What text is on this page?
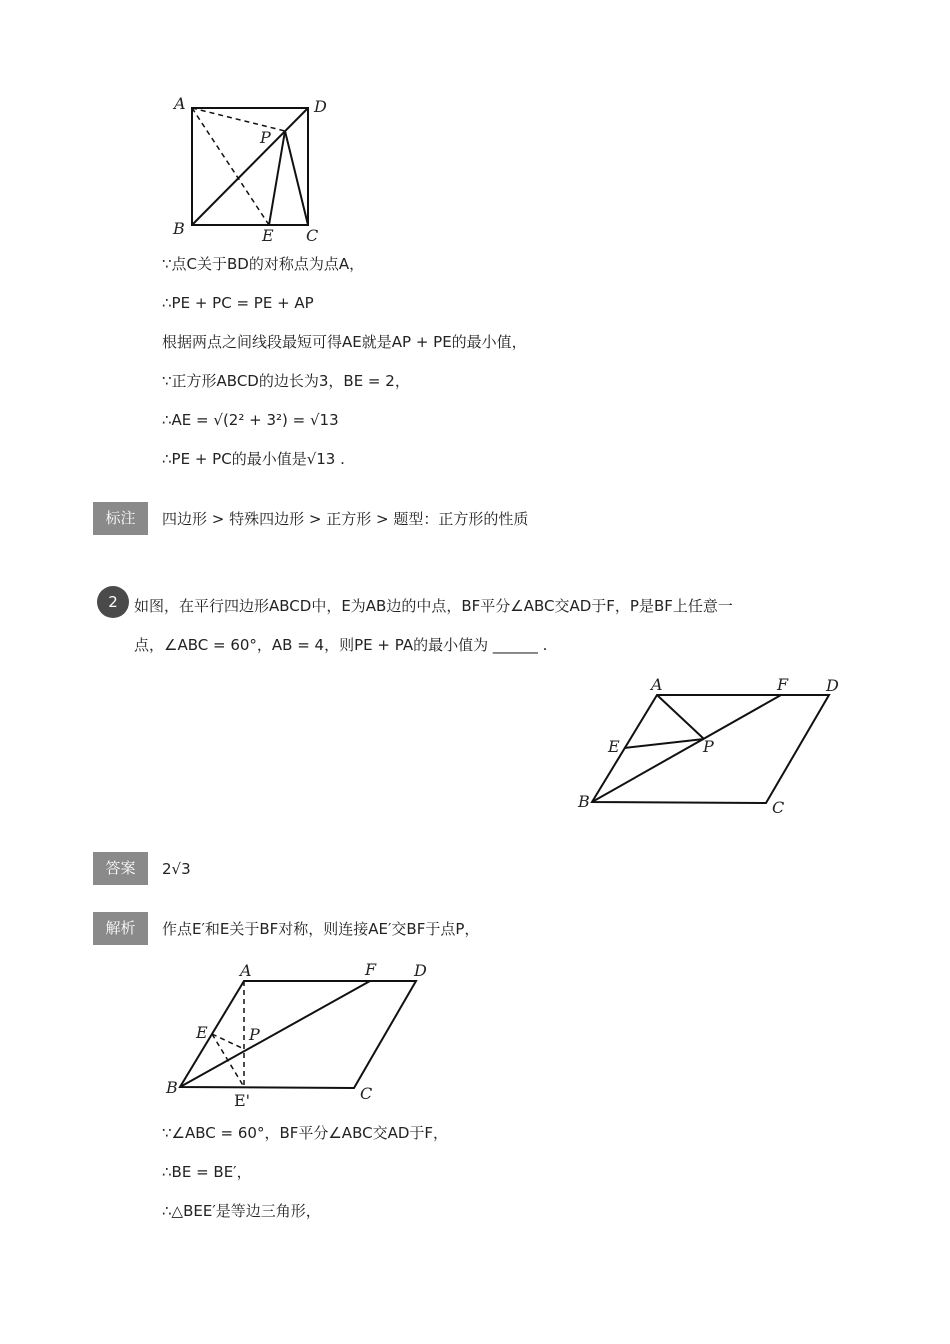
A	D
P
B	E C
∵点C关于BD的对称点为点A，
∴PE + PC = PE + AP
根据两点之间线段最短可得AE就是AP + PE的最小值，
∵正方形ABCD的边长为3，BE = 2，
∴AE = √(2² + 3²) = √13
∴PE + PC的最小值是√13 .
标注	四边形 > 特殊四边形 > 正方形 > 题型：正方形的性质
2	如图，在平行四边形ABCD中，E为AB边的中点，BF平分∠ABC交AD于F，P是BF上任意一
点，∠ABC = 60°，AB = 4，则PE + PA的最小值为 ______ .
A	F D
E	P
B	C
答案	2√3
解析	作点E′和E关于BF对称，则连接AE′交BF于点P，
A	F D
E	P
B	C
E'
∵∠ABC = 60°，BF平分∠ABC交AD于F，
∴BE = BE′，
∴△BEE′是等边三角形，
